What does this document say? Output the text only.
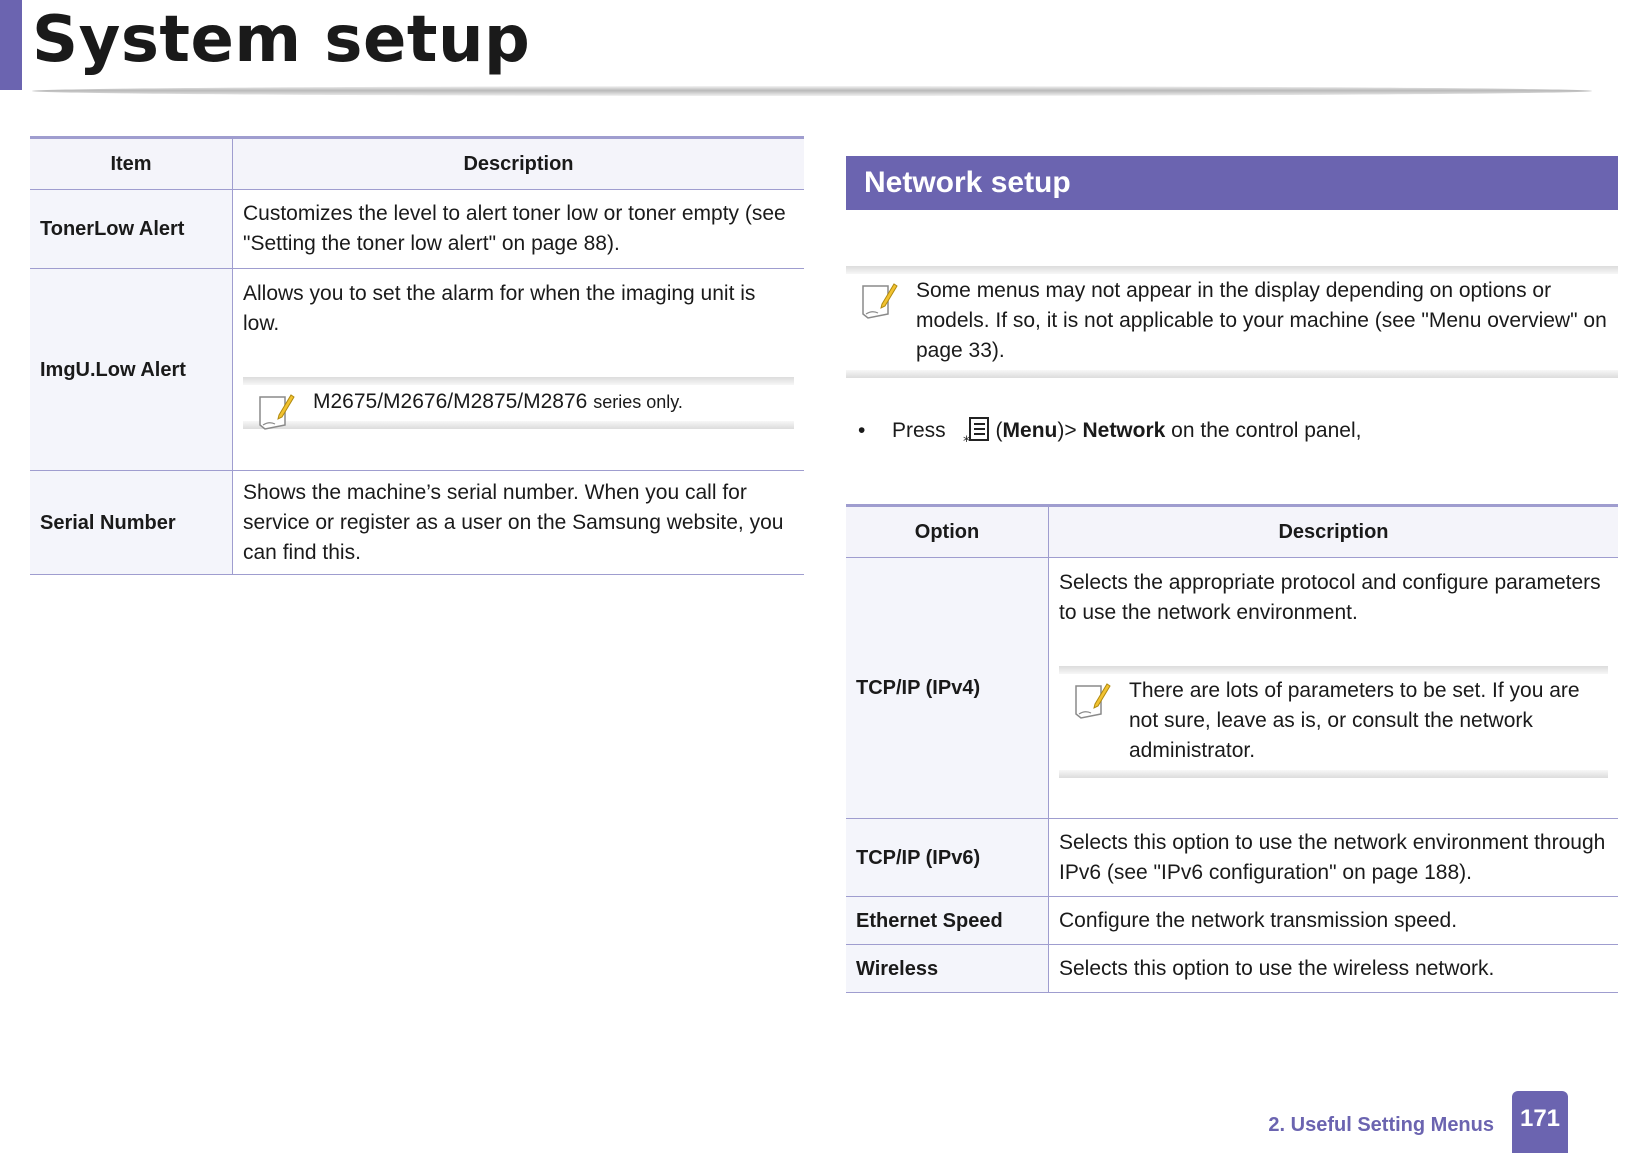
System setup
Item	Description
TonerLow Alert	Customizes the level to alert toner low or toner empty (see "Setting the toner low alert" on page 88).
ImgU.Low Alert	Allows you to set the alarm for when the imaging unit is low.
M2675/M2676/M2875/M2876 series only.

Serial Number	Shows the machine’s serial number. When you call for service or register as a user on the Samsung website, you can find this.
Network setup
Some menus may not appear in the display depending on options or models. If so, it is not applicable to your machine (see "Menu overview" on page 33).
• Press
*
(Menu)> Network on the control panel,
Option	Description
TCP/IP (IPv4)	Selects the appropriate protocol and configure parameters to use the network environment.
There are lots of parameters to be set. If you are not sure, leave as is, or consult the network administrator.

TCP/IP (IPv6)	Selects this option to use the network environment through IPv6 (see "IPv6 configuration" on page 188).
Ethernet Speed	Configure the network transmission speed.
Wireless	Selects this option to use the wireless network.
2. Useful Setting Menus	171
